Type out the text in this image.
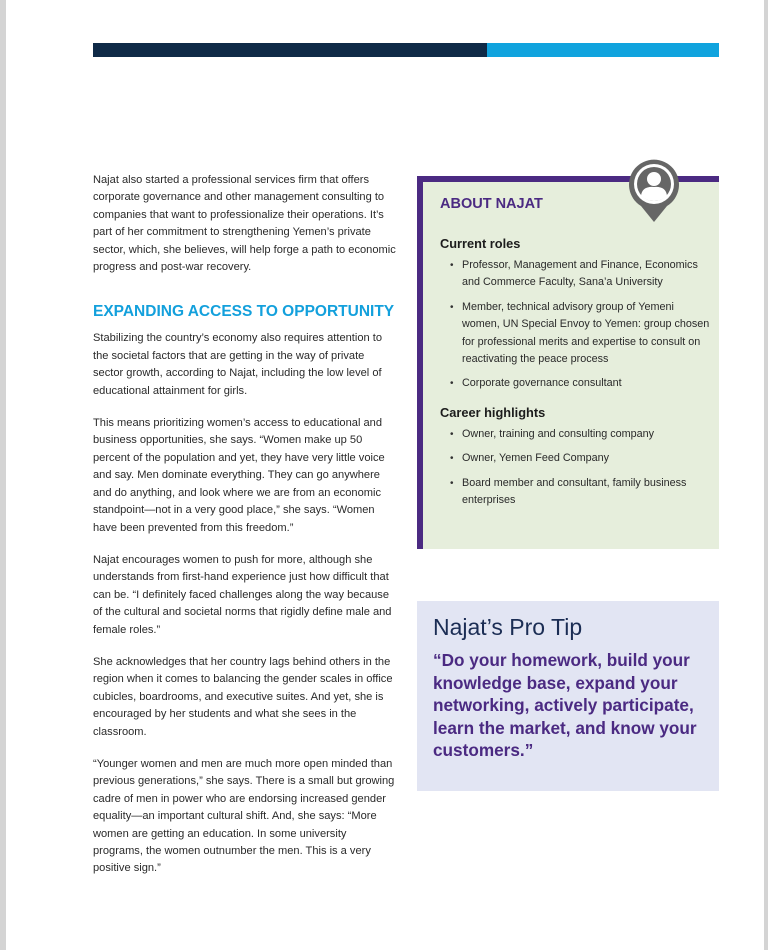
Najat also started a professional services firm that offers corporate governance and other management consulting to companies that want to professionalize their operations. It’s part of her commitment to strengthening Yemen’s private sector, which, she believes, will help forge a path to economic progress and post-war recovery.

EXPANDING ACCESS TO OPPORTUNITY

Stabilizing the country’s economy also requires attention to the societal factors that are getting in the way of private sector growth, according to Najat, including the low level of educational attainment for girls.

This means prioritizing women’s access to educational and business opportunities, she says. “Women make up 50 percent of the population and yet, they have very little voice and say. Men dominate everything. They can go anywhere and do anything, and look where we are from an economic standpoint—not in a very good place,” she says. “Women have been prevented from this freedom.”

Najat encourages women to push for more, although she understands from first-hand experience just how difficult that can be. “I definitely faced challenges along the way because of the cultural and societal norms that rigidly define male and female roles.”

She acknowledges that her country lags behind others in the region when it comes to balancing the gender scales in office cubicles, boardrooms, and executive suites. And yet, she is encouraged by her students and what she sees in the classroom.

“Younger women and men are much more open minded than previous generations,” she says. There is a small but growing cadre of men in power who are endorsing increased gender equality—an important cultural shift. And, she says: “More women are getting an education. In some university programs, the women outnumber the men. This is a very positive sign.”

ABOUT NAJAT
Current roles
• Professor, Management and Finance, Economics and Commerce Faculty, Sana’a University
• Member, technical advisory group of Yemeni women, UN Special Envoy to Yemen: group chosen for professional merits and expertise to consult on reactivating the peace process
• Corporate governance consultant
Career highlights
• Owner, training and consulting company
• Owner, Yemen Feed Company
• Board member and consultant, family business enterprises
Najat’s Pro Tip

“Do your homework, build your knowledge base, expand your networking, actively participate, learn the market, and know your customers.”
